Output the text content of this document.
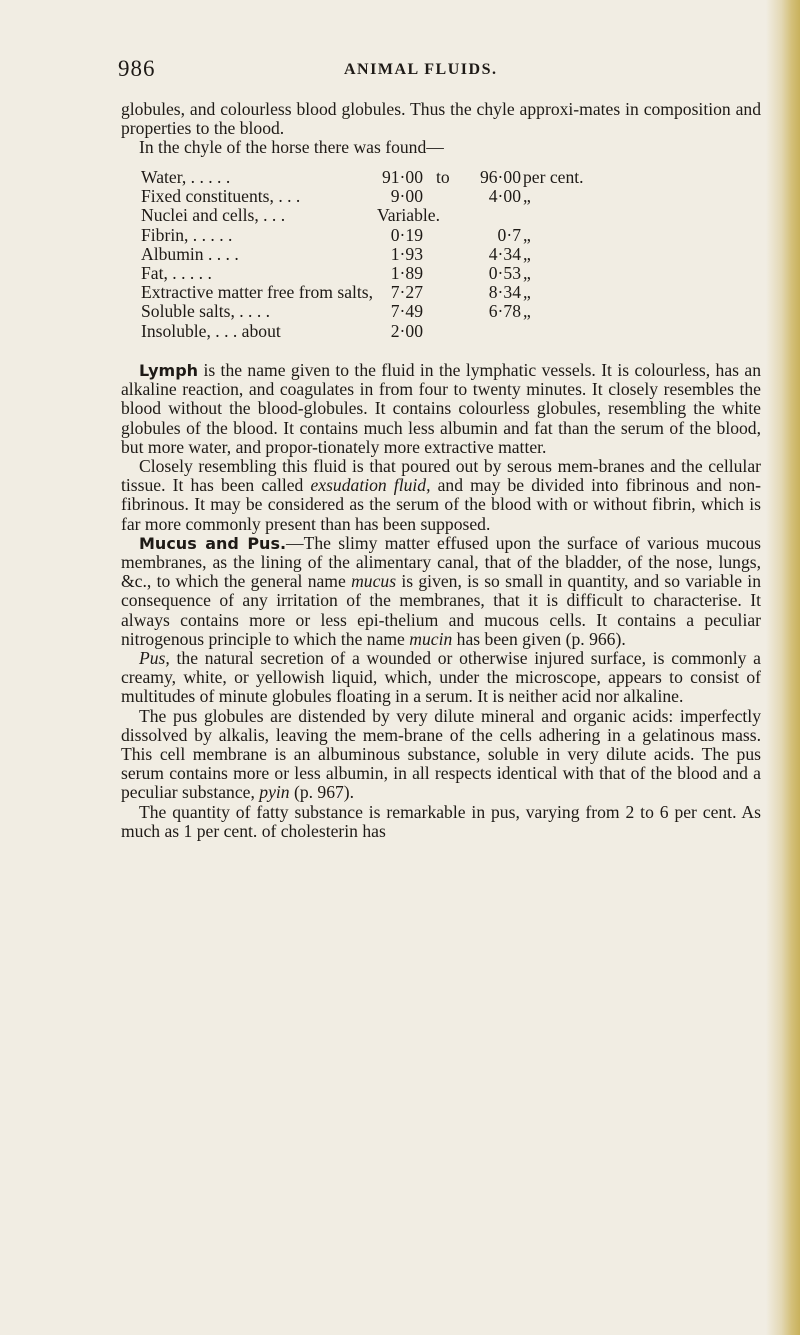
986	ANIMAL FLUIDS.

globules, and colourless blood globules. Thus the chyle approxi-mates in composition and properties to the blood.

In the chyle of the horse there was found—

Water, . . . . .	91·00 to	96·00 per cent.
Fixed constituents, . . .	9·00	4·00 „
Nuclei and cells, . . .	Variable.
Fibrin, . . . . .	0·19	0·7 „
Albumin . . . .	1·93	4·34 „
Fat, . . . . .	1·89	0·53 „
Extractive matter free from salts,	7·27	8·34 „
Soluble salts, . . . .	7·49	6·78 „
Insoluble, . . . about	2·00

Lymph is the name given to the fluid in the lymphatic vessels. It is colourless, has an alkaline reaction, and coagulates in from four to twenty minutes. It closely resembles the blood without the blood-globules. It contains colourless globules, resembling the white globules of the blood. It contains much less albumin and fat than the serum of the blood, but more water, and propor-tionately more extractive matter.

Closely resembling this fluid is that poured out by serous mem-branes and the cellular tissue. It has been called exsudation fluid, and may be divided into fibrinous and non-fibrinous. It may be considered as the serum of the blood with or without fibrin, which is far more commonly present than has been supposed.

Mucus and Pus.—The slimy matter effused upon the surface of various mucous membranes, as the lining of the alimentary canal, that of the bladder, of the nose, lungs, &c., to which the general name mucus is given, is so small in quantity, and so variable in consequence of any irritation of the membranes, that it is difficult to characterise. It always contains more or less epi-thelium and mucous cells. It contains a peculiar nitrogenous principle to which the name mucin has been given (p. 966).

Pus, the natural secretion of a wounded or otherwise injured surface, is commonly a creamy, white, or yellowish liquid, which, under the microscope, appears to consist of multitudes of minute globules floating in a serum. It is neither acid nor alkaline.

The pus globules are distended by very dilute mineral and organic acids: imperfectly dissolved by alkalis, leaving the mem-brane of the cells adhering in a gelatinous mass. This cell membrane is an albuminous substance, soluble in very dilute acids. The pus serum contains more or less albumin, in all respects identical with that of the blood and a peculiar substance, pyin (p. 967).

The quantity of fatty substance is remarkable in pus, varying from 2 to 6 per cent. As much as 1 per cent. of cholesterin has
